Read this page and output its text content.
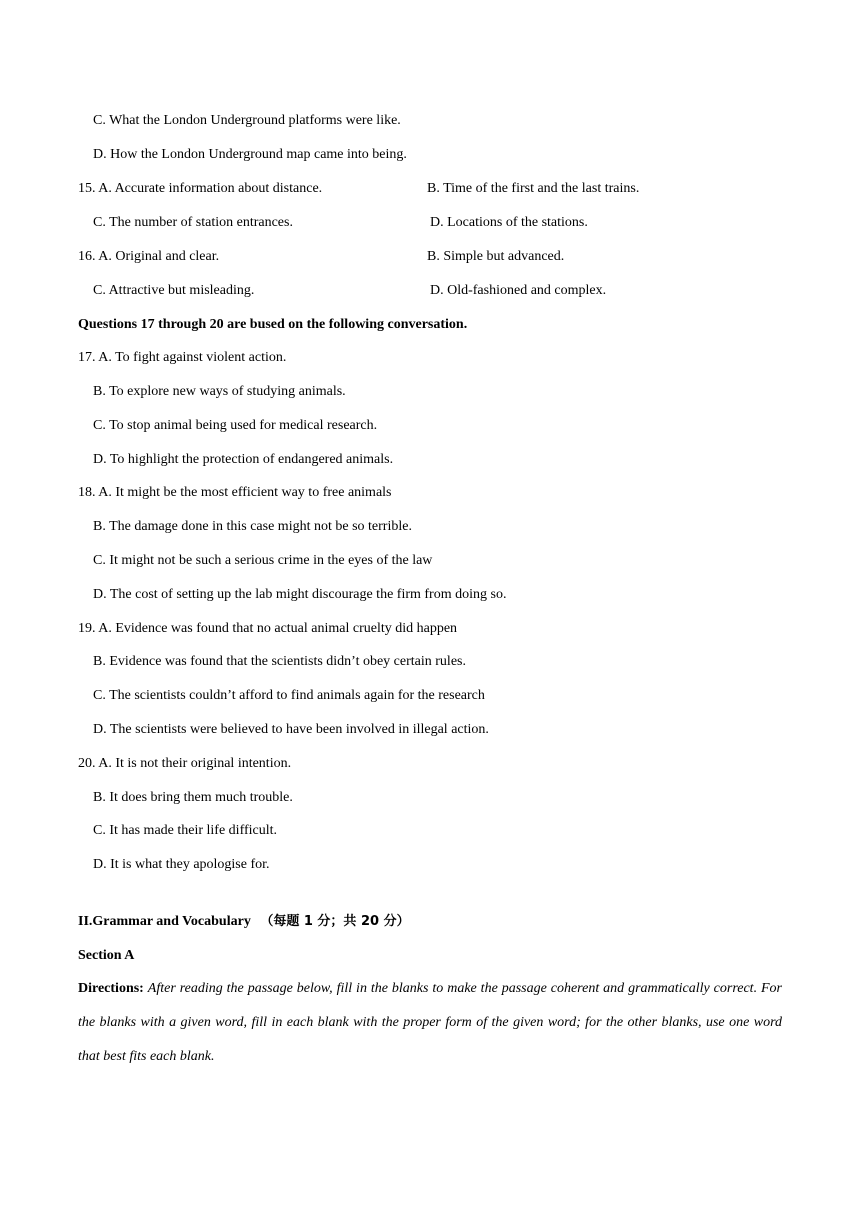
C. What the London Underground platforms were like.
D. How the London Underground map came into being.
15. A. Accurate information about distance.	B. Time of the first and the last trains.
C. The number of station entrances.	D. Locations of the stations.
16. A. Original and clear.	B. Simple but advanced.
C. Attractive but misleading.	D. Old-fashioned and complex.
Questions 17 through 20 are bused on the following conversation.
17. A. To fight against violent action.
B. To explore new ways of studying animals.
C. To stop animal being used for medical research.
D. To highlight the protection of endangered animals.
18. A. It might be the most efficient way to free animals
B. The damage done in this case might not be so terrible.
C. It might not be such a serious crime in the eyes of the law
D. The cost of setting up the lab might discourage the firm from doing so.
19. A. Evidence was found that no actual animal cruelty did happen
B. Evidence was found that the scientists didn’t obey certain rules.
C. The scientists couldn’t afford to find animals again for the research
D. The scientists were believed to have been involved in illegal action.
20. A. It is not their original intention.
B. It does bring them much trouble.
C. It has made their life difficult.
D. It is what they apologise for.
II.Grammar and Vocabulary （每题 1 分；共 20 分）
Section A
Directions: After reading the passage below, fill in the blanks to make the passage coherent and grammatically correct. For the blanks with a given word, fill in each blank with the proper form of the given word; for the other blanks, use one word that best fits each blank.
